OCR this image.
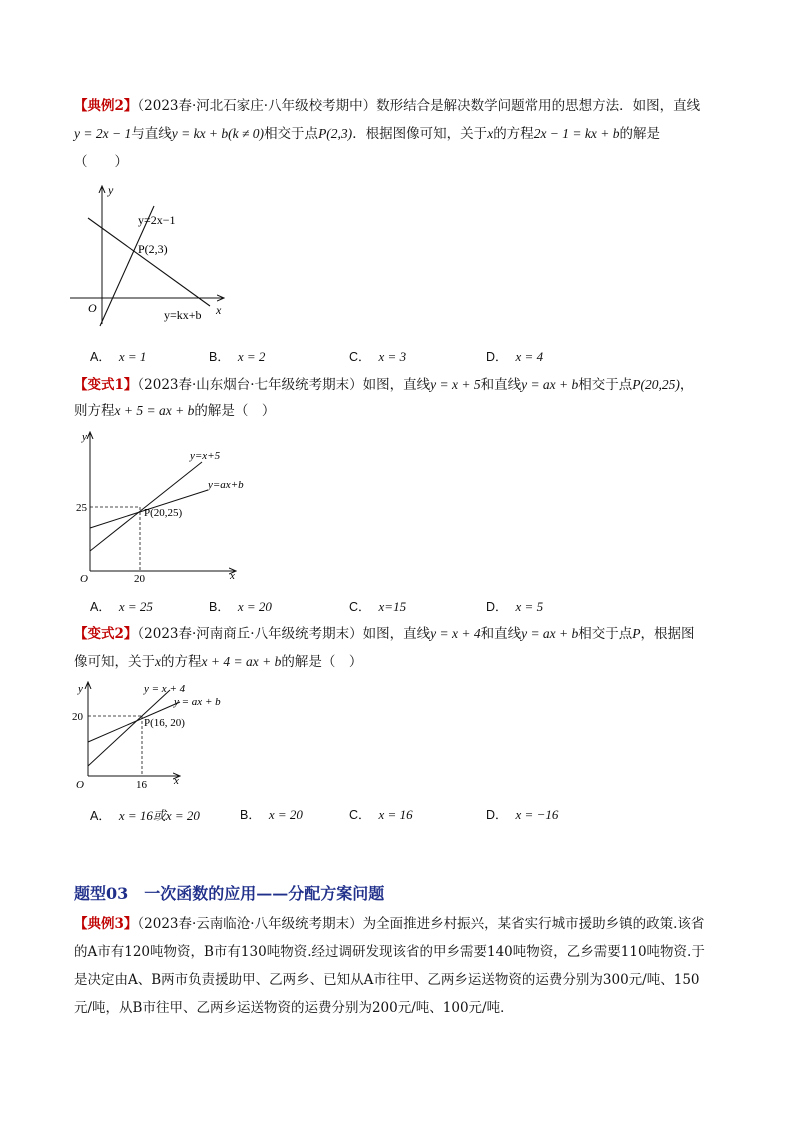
【典例2】（2023春·河北石家庄·八年级校考期中）数形结合是解决数学问题常用的思想方法．如图，直线
y = 2x − 1与直线y = kx + b(k ≠ 0)相交于点P(2,3)．根据图像可知，关于x的方程2x − 1 = kx + b的解是
（　　）
y
x
O
y=2x−1
P(2,3)
y=kx+b
A． x = 1	B． x = 2	C． x = 3	D． x = 4
【变式1】（2023春·山东烟台·七年级统考期末）如图，直线y = x + 5和直线y = ax + b相交于点P(20,25)，
则方程x + 5 = ax + b的解是（　）
y
x
O
y=x+5
y=ax+b
P(20,25)
25
20
A． x = 25	B． x = 20	C． x=15	D． x = 5
【变式2】（2023春·河南商丘·八年级统考期末）如图，直线y = x + 4和直线y = ax + b相交于点P，根据图
像可知，关于x的方程x + 4 = ax + b的解是（　）
y
x
O
y = x + 4
y = ax + b
P(16, 20)
20
16
A． x = 16或x = 20	B． x = 20	C． x = 16	D． x = −16
题型03　一次函数的应用——分配方案问题
【典例3】（2023春·云南临沧·八年级统考期末）为全面推进乡村振兴，某省实行城市援助乡镇的政策.该省
的A市有120吨物资，B市有130吨物资.经过调研发现该省的甲乡需要140吨物资，乙乡需要110吨物资.于
是决定由A、B两市负责援助甲、乙两乡、已知从A市往甲、乙两乡运送物资的运费分别为300元/吨、150
元/吨，从B市往甲、乙两乡运送物资的运费分别为200元/吨、100元/吨．
